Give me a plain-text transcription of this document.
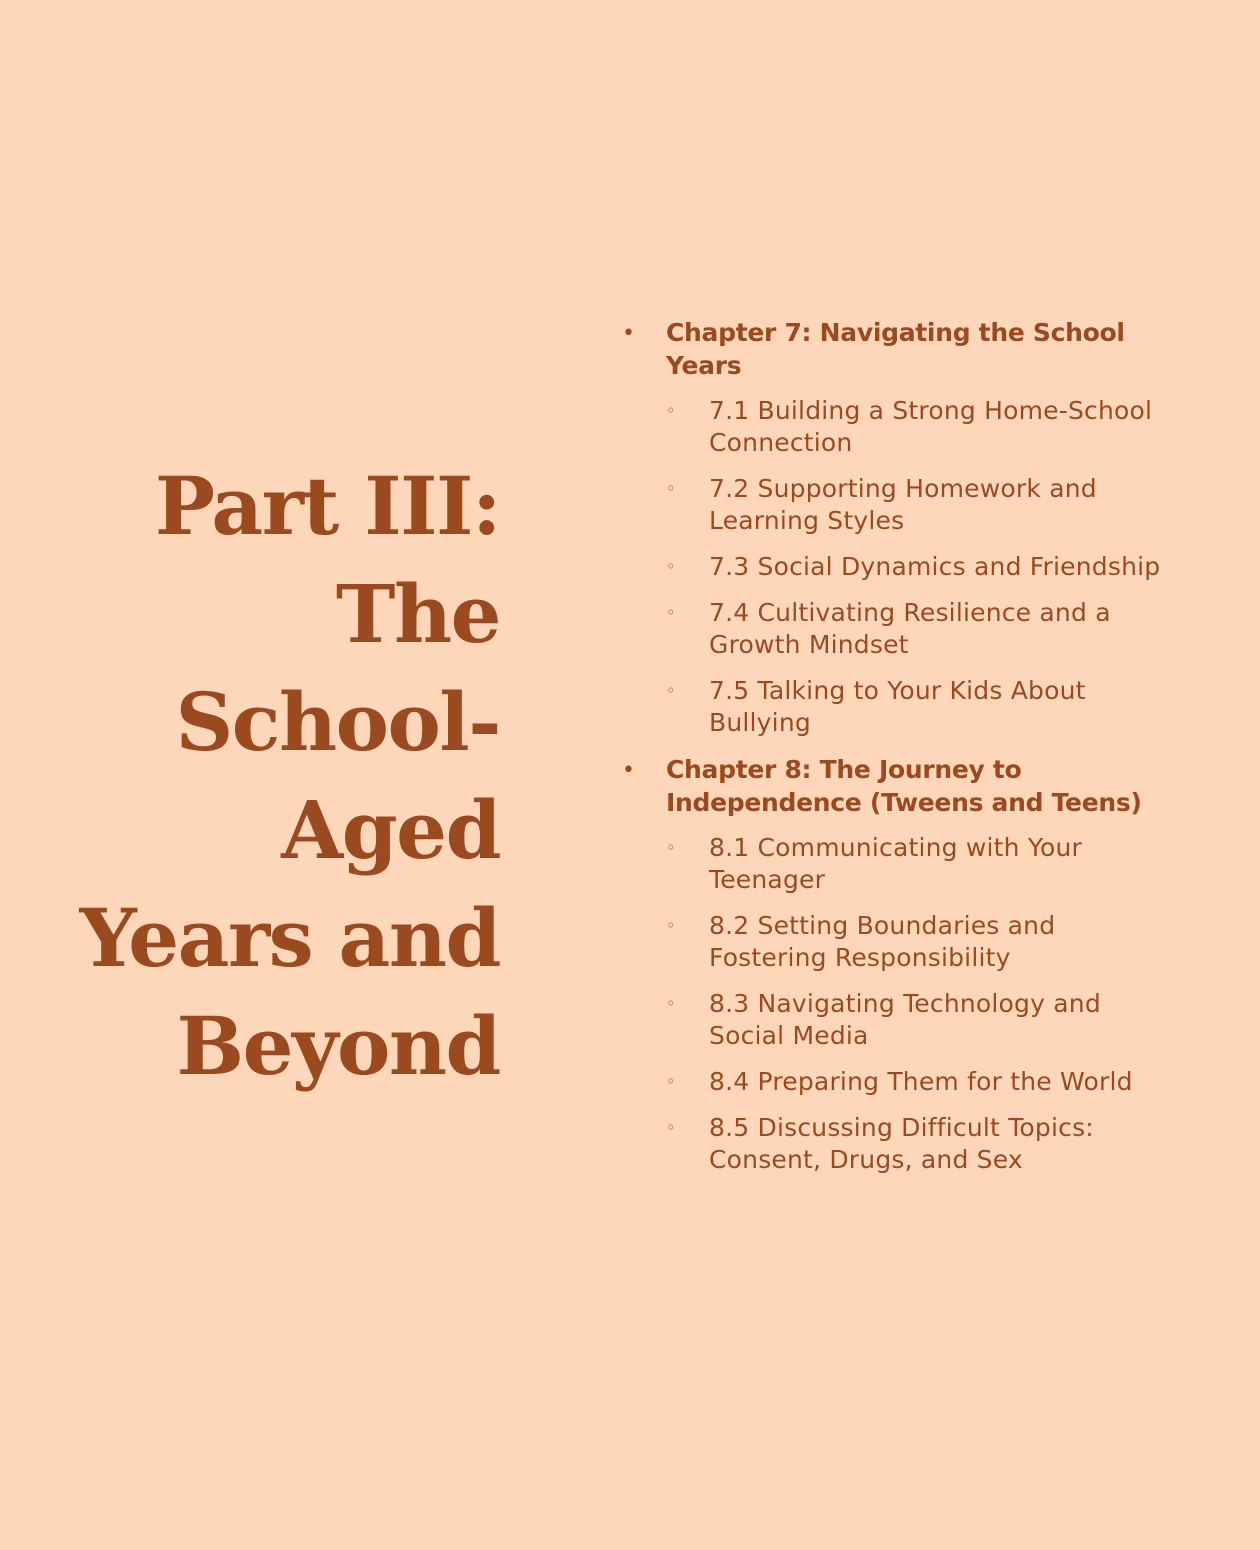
Part III:
The
School-
Aged
Years and
Beyond
• Chapter 7: Navigating the School Years
◦ 7.1 Building a Strong Home-School Connection
◦ 7.2 Supporting Homework and Learning Styles
◦ 7.3 Social Dynamics and Friendship
◦ 7.4 Cultivating Resilience and a Growth Mindset
◦ 7.5 Talking to Your Kids About Bullying
• Chapter 8: The Journey to Independence (Tweens and Teens)
◦ 8.1 Communicating with Your Teenager
◦ 8.2 Setting Boundaries and Fostering Responsibility
◦ 8.3 Navigating Technology and Social Media
◦ 8.4 Preparing Them for the World
◦ 8.5 Discussing Difficult Topics: Consent, Drugs, and Sex
